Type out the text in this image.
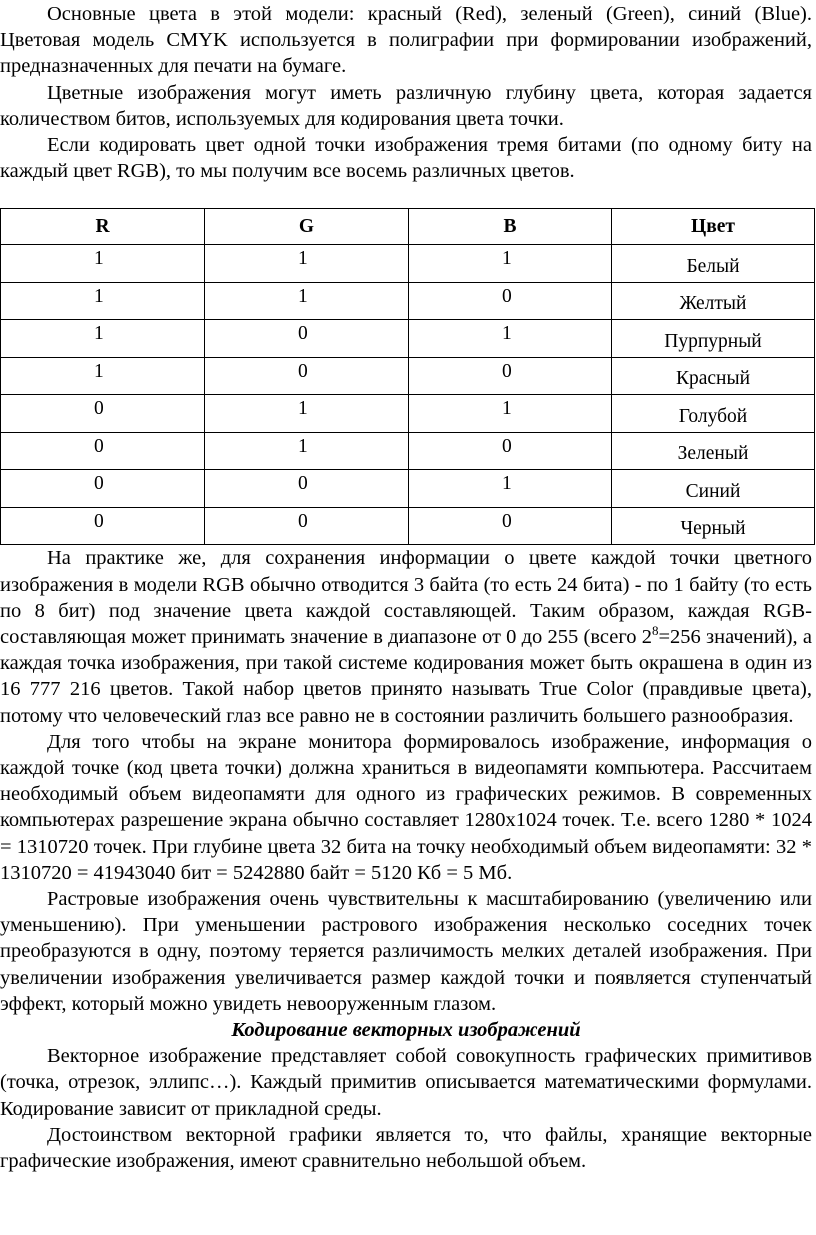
Основные цвета в этой модели: красный (Red), зеленый (Green), синий (Blue). Цветовая модель CMYK используется в полиграфии при формировании изображений, предназначенных для печати на бумаге.

Цветные изображения могут иметь различную глубину цвета, которая задается количеством битов, используемых для кодирования цвета точки.

Если кодировать цвет одной точки изображения тремя битами (по одному биту на каждый цвет RGB), то мы получим все восемь различных цветов.

R	G	B	Цвет
1	1	1	Белый
1	1	0	Желтый
1	0	1	Пурпурный
1	0	0	Красный
0	1	1	Голубой
0	1	0	Зеленый
0	0	1	Синий
0	0	0	Черный

На практике же, для сохранения информации о цвете каждой точки цветного изображения в модели RGB обычно отводится 3 байта (то есть 24 бита) - по 1 байту (то есть по 8 бит) под значение цвета каждой составляющей. Таким образом, каждая RGB-составляющая может принимать значение в диапазоне от 0 до 255 (всего $2^8=256$ значений), а каждая точка изображения, при такой системе кодирования может быть окрашена в один из 16 777 216 цветов. Такой набор цветов принято называть True Color (правдивые цвета), потому что человеческий глаз все равно не в состоянии различить большего разнообразия.

Для того чтобы на экране монитора формировалось изображение, информация о каждой точке (код цвета точки) должна храниться в видеопамяти компьютера. Рассчитаем необходимый объем видеопамяти для одного из графических режимов. В современных компьютерах разрешение экрана обычно составляет 1280х1024 точек. Т.е. всего 1280 * 1024 = 1310720 точек. При глубине цвета 32 бита на точку необходимый объем видеопамяти: 32 * 1310720 = 41943040 бит = 5242880 байт = 5120 Кб = 5 Мб.

Растровые изображения очень чувствительны к масштабированию (увеличению или уменьшению). При уменьшении растрового изображения несколько соседних точек преобразуются в одну, поэтому теряется различимость мелких деталей изображения. При увеличении изображения увеличивается размер каждой точки и появляется ступенчатый эффект, который можно увидеть невооруженным глазом.

Кодирование векторных изображений

Векторное изображение представляет собой совокупность графических примитивов (точка, отрезок, эллипс…). Каждый примитив описывается математическими формулами. Кодирование зависит от прикладной среды.

Достоинством векторной графики является то, что файлы, хранящие векторные графические изображения, имеют сравнительно небольшой объем.
